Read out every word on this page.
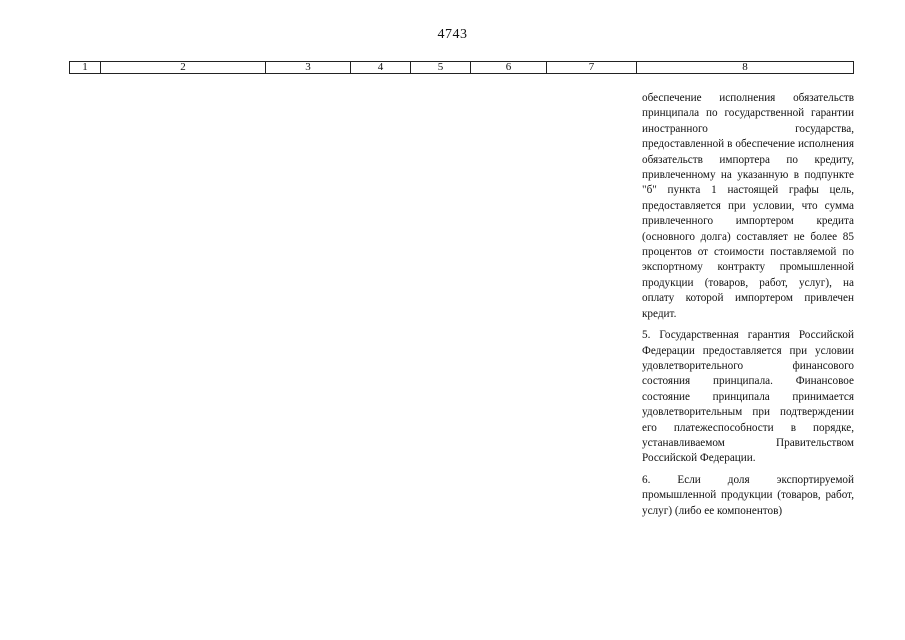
4743
1	2	3	4	5	6	7	8

обеспечение исполнения обязательств принципала по государственной гарантии иностранного государства, предоставленной в обеспечение исполнения обязательств импортера по кредиту, привлеченному на указанную в подпункте "б" пункта 1 настоящей графы цель, предоставляется при условии, что сумма привлеченного импортером кредита (основного долга) составляет не более 85 процентов от стоимости поставляемой по экспортному контракту промышленной продукции (товаров, работ, услуг), на оплату которой импортером привлечен кредит.

5. Государственная гарантия Российской Федерации предоставляется при условии удовлетворительного финансового состояния принципала. Финансовое состояние принципала принимается удовлетворительным при подтверждении его платежеспособности в порядке, устанавливаемом Правительством Российской Федерации.

6. Если доля экспортируемой промышленной продукции (товаров, работ, услуг) (либо ее компонентов)
